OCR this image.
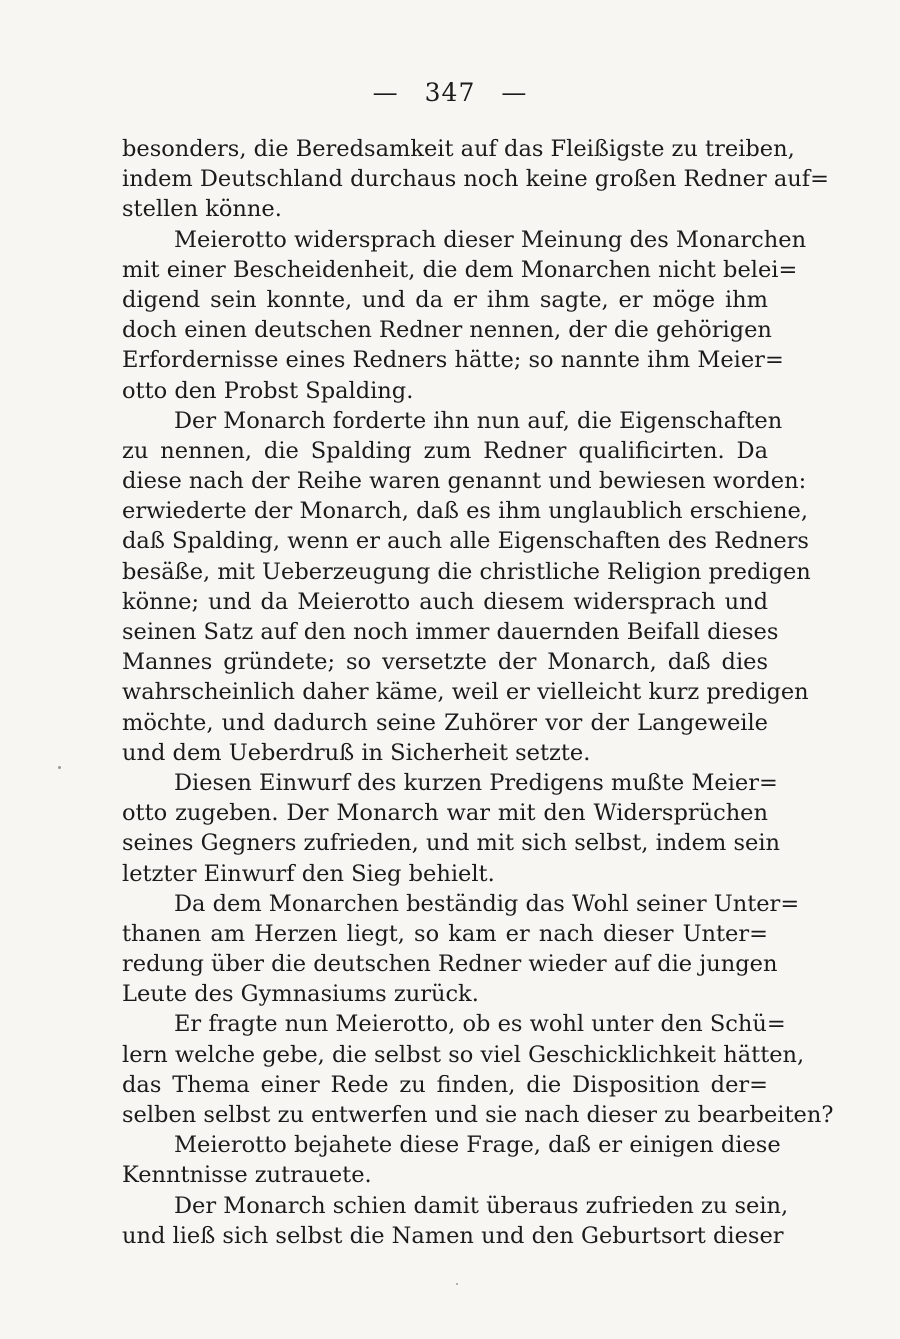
— 347 —
besonders, die Beredsamkeit auf das Fleißigste zu treiben,
indem Deutschland durchaus noch keine großen Redner auf=
stellen könne.
Meierotto widersprach dieser Meinung des Monarchen
mit einer Bescheidenheit, die dem Monarchen nicht belei=
digend sein konnte, und da er ihm sagte, er möge ihm
doch einen deutschen Redner nennen, der die gehörigen
Erfordernisse eines Redners hätte; so nannte ihm Meier=
otto den Probst Spalding.
Der Monarch forderte ihn nun auf, die Eigenschaften
zu nennen, die Spalding zum Redner qualificirten. Da
diese nach der Reihe waren genannt und bewiesen worden:
erwiederte der Monarch, daß es ihm unglaublich erschiene,
daß Spalding, wenn er auch alle Eigenschaften des Redners
besäße, mit Ueberzeugung die christliche Religion predigen
könne; und da Meierotto auch diesem widersprach und
seinen Satz auf den noch immer dauernden Beifall dieses
Mannes gründete; so versetzte der Monarch, daß dies
wahrscheinlich daher käme, weil er vielleicht kurz predigen
möchte, und dadurch seine Zuhörer vor der Langeweile
und dem Ueberdruß in Sicherheit setzte.
Diesen Einwurf des kurzen Predigens mußte Meier=
otto zugeben. Der Monarch war mit den Widersprüchen
seines Gegners zufrieden, und mit sich selbst, indem sein
letzter Einwurf den Sieg behielt.
Da dem Monarchen beständig das Wohl seiner Unter=
thanen am Herzen liegt, so kam er nach dieser Unter=
redung über die deutschen Redner wieder auf die jungen
Leute des Gymnasiums zurück.
Er fragte nun Meierotto, ob es wohl unter den Schü=
lern welche gebe, die selbst so viel Geschicklichkeit hätten,
das Thema einer Rede zu finden, die Disposition der=
selben selbst zu entwerfen und sie nach dieser zu bearbeiten?
Meierotto bejahete diese Frage, daß er einigen diese
Kenntnisse zutrauete.
Der Monarch schien damit überaus zufrieden zu sein,
und ließ sich selbst die Namen und den Geburtsort dieser
